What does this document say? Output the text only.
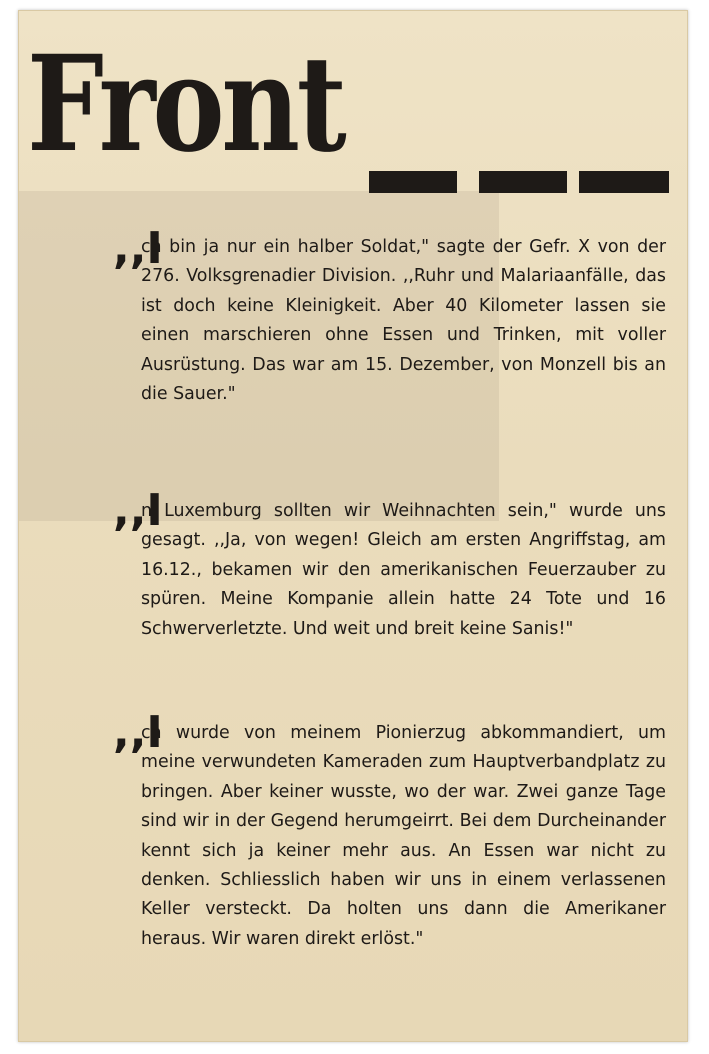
Front
,,I

ch bin ja nur ein halber Soldat," sagte der Gefr. X von der 276. Volksgrenadier Division. ,,Ruhr und Malariaanfälle, das ist doch keine Kleinigkeit. Aber 40 Kilometer lassen sie einen marschieren ohne Essen und Trinken, mit voller Ausrüstung. Das war am 15. Dezember, von Monzell bis an die Sauer."

,,I

n Luxemburg sollten wir Weihnachten sein," wurde uns gesagt. ,,Ja, von wegen! Gleich am ersten Angriffstag, am 16.12., bekamen wir den amerikanischen Feuerzauber zu spüren. Meine Kompanie allein hatte 24 Tote und 16 Schwerverletzte. Und weit und breit keine Sanis!"

,,I

ch wurde von meinem Pionierzug abkommandiert, um meine verwundeten Kameraden zum Hauptverbandplatz zu bringen. Aber keiner wusste, wo der war. Zwei ganze Tage sind wir in der Gegend herumgeirrt. Bei dem Durcheinander kennt sich ja keiner mehr aus. An Essen war nicht zu denken. Schliesslich haben wir uns in einem verlassenen Keller versteckt. Da holten uns dann die Amerikaner heraus. Wir waren direkt erlöst."
